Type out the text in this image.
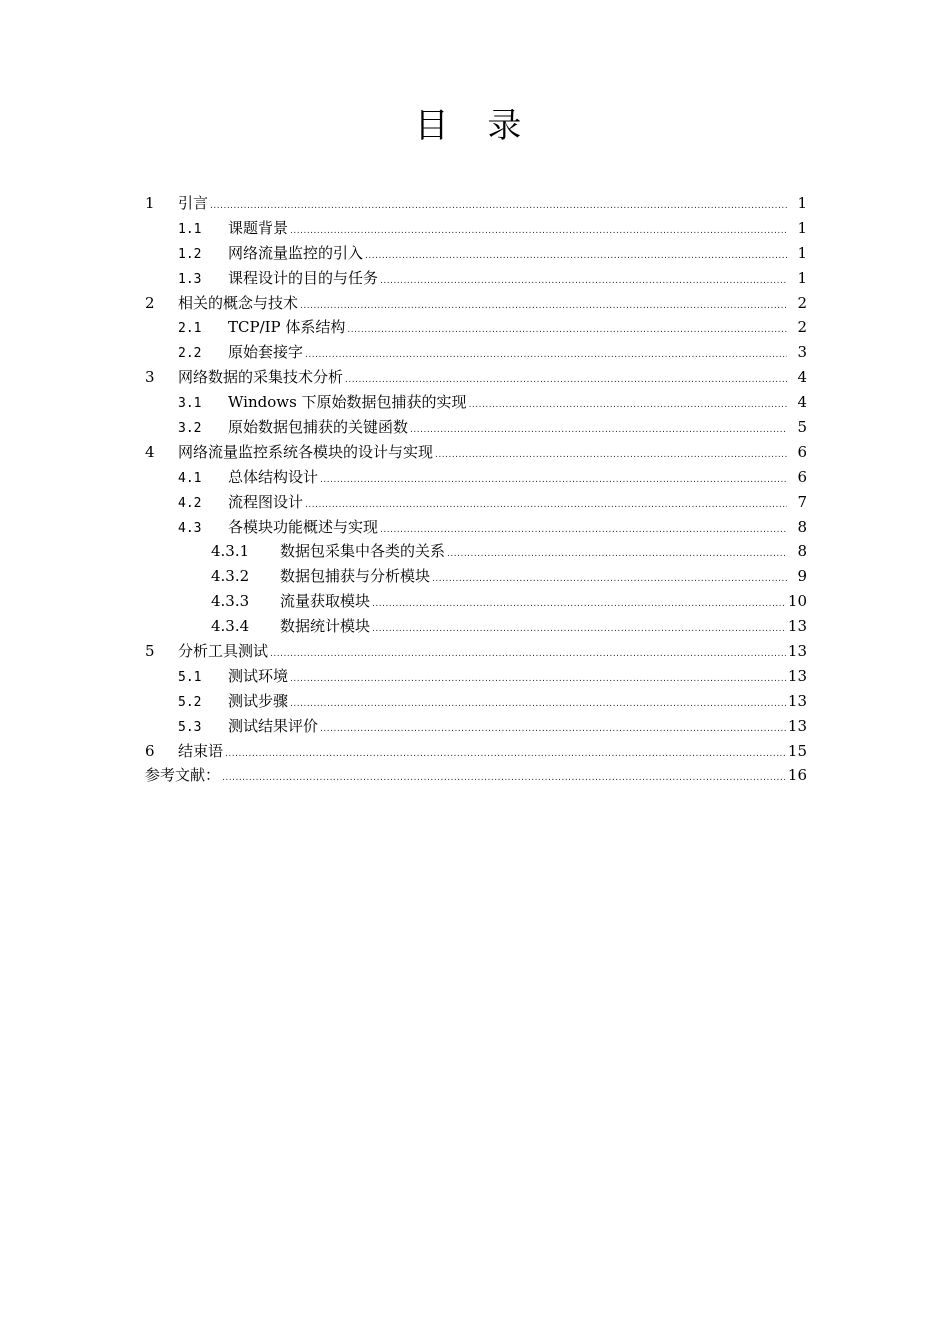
目 录
1	引言 .....	1
1.1	课题背景 .....	1
1.2	网络流量监控的引入 .....	1
1.3	课程设计的目的与任务 .....	1
2	相关的概念与技术 .....	2
2.1	TCP/IP 体系结构 .....	2
2.2	原始套接字 .....	3
3	网络数据的采集技术分析 .....	4
3.1	Windows 下原始数据包捕获的实现 .....	4
3.2	原始数据包捕获的关键函数 .....	5
4	网络流量监控系统各模块的设计与实现 .....	6
4.1	总体结构设计 .....	6
4.2	流程图设计 .....	7
4.3	各模块功能概述与实现 .....	8
4.3.1	数据包采集中各类的关系 .....	8
4.3.2	数据包捕获与分析模块 .....	9
4.3.3	流量获取模块 .....	10
4.3.4	数据统计模块 .....	13
5	分析工具测试 .....	13
5.1	测试环境 .....	13
5.2	测试步骤 .....	13
5.3	测试结果评价 .....	13
6	结束语 .....	15
参考文献： .....	16
